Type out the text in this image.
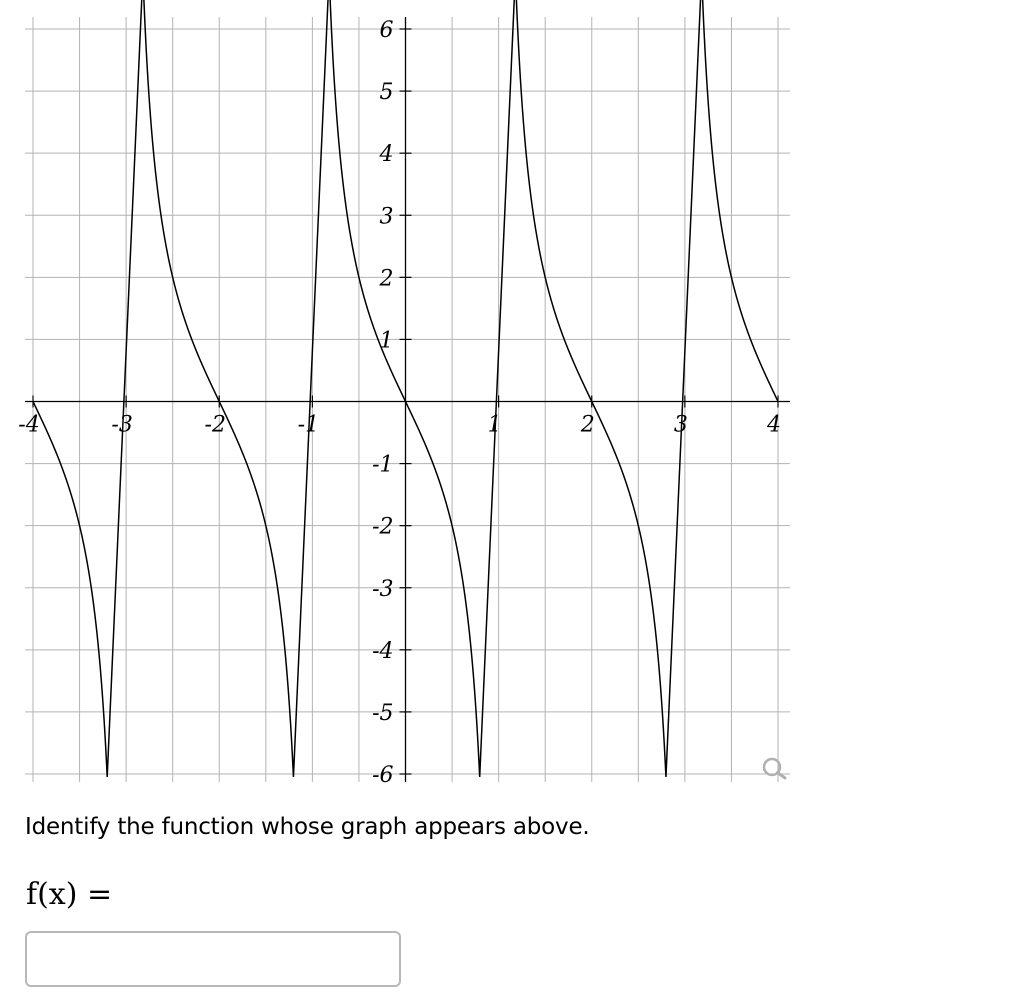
-4	-3	-2	-1	1	2	3	4
6
5
4
3
2
1
-1
-2
-3
-4
-5
-6
Identify the function whose graph appears above.
f(x) =
